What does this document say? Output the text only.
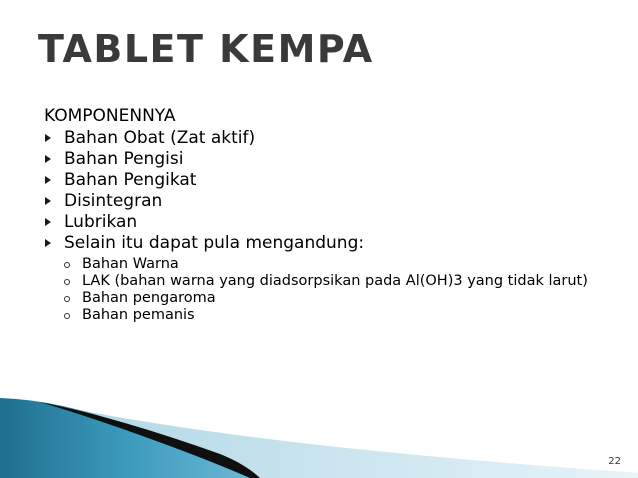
TABLET KEMPA

KOMPONENNYA

Bahan Obat (Zat aktif)
Bahan Pengisi
Bahan Pengikat
Disintegran
Lubrikan
Selain itu dapat pula mengandung:
Bahan Warna
LAK (bahan warna yang diadsorpsikan pada Al(OH)3 yang tidak larut)
Bahan pengaroma
Bahan pemanis
22
